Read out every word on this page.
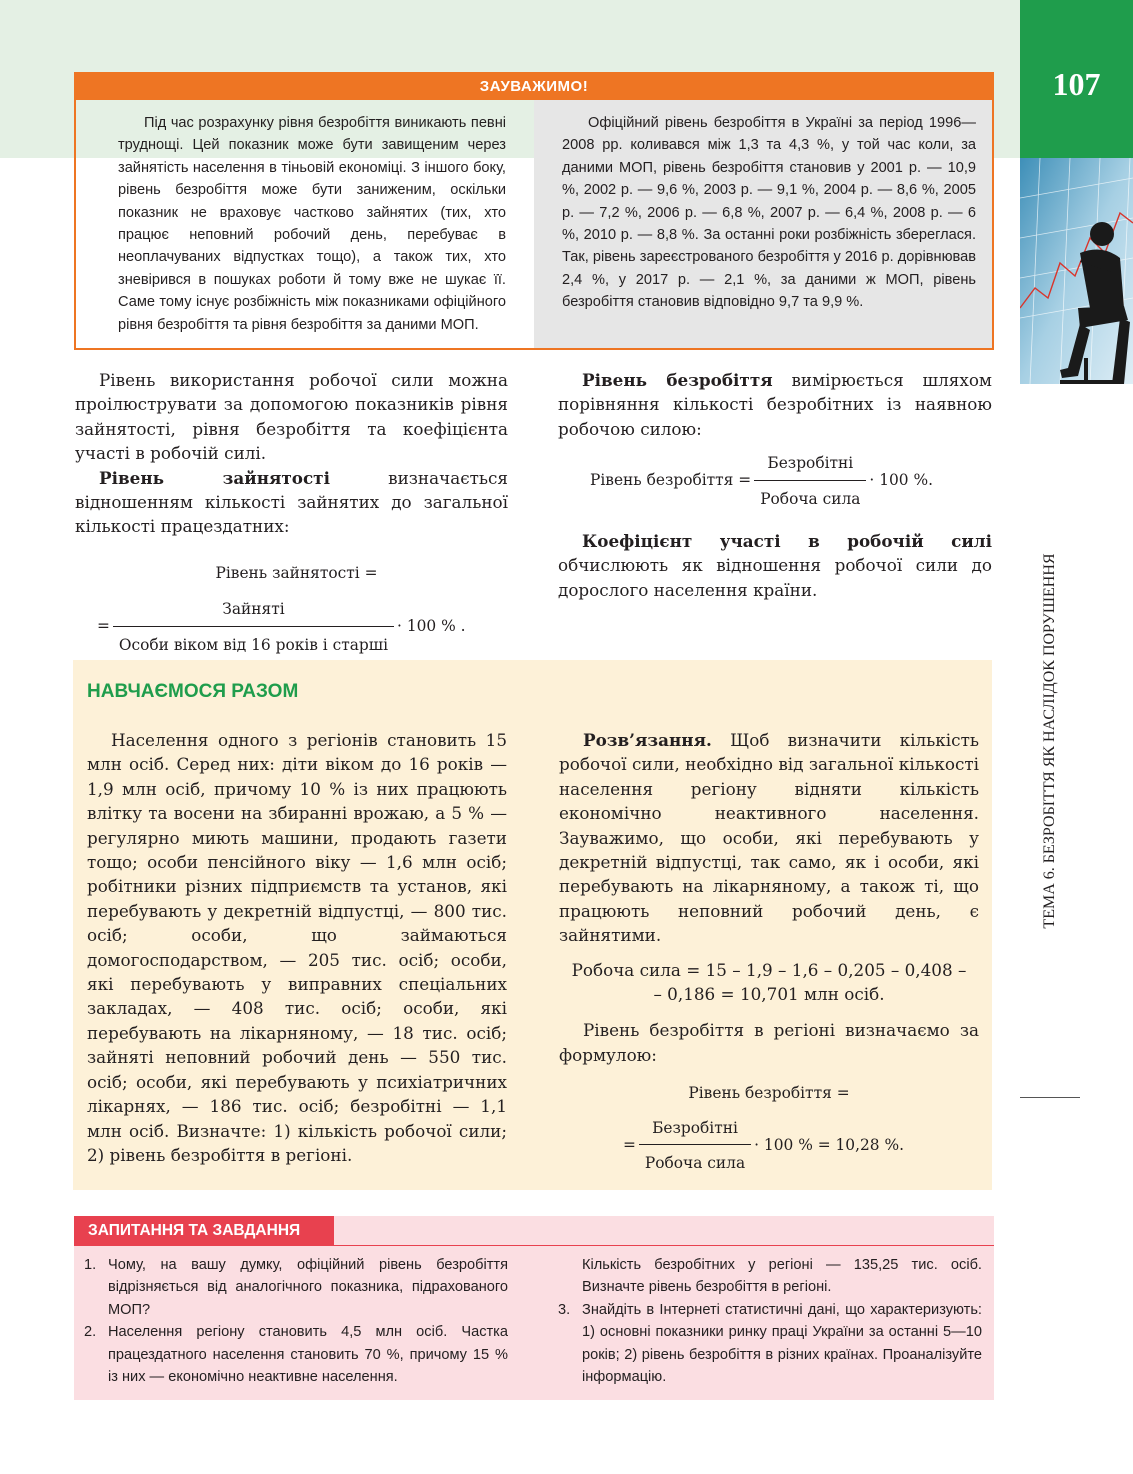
107
ТЕМА 6. БЕЗРОБІТТЯ ЯК НАСЛІДОК ПОРУШЕННЯ
ЗАУВАЖИМО!
Під час розрахунку рівня безробіття виникають певні труднощі. Цей показник може бути завищеним через зайнятість населення в тіньовій економіці. З іншого боку, рівень безробіття може бути заниженим, оскільки показник не враховує частково зайнятих (тих, хто працює неповний робочий день, перебуває в неоплачуваних відпустках тощо), а також тих, хто зневірився в пошуках роботи й тому вже не шукає її. Саме тому існує розбіжність між показниками офіційного рівня безробіття та рівня безробіття за даними МОП.
Офіційний рівень безробіття в Україні за період 1996—2008 рр. коливався між 1,3 та 4,3 %, у той час коли, за даними МОП, рівень безробіття становив у 2001 р. — 10,9 %, 2002 р. — 9,6 %, 2003 р. — 9,1 %, 2004 р. — 8,6 %, 2005 р. — 7,2 %, 2006 р. — 6,8 %, 2007 р. — 6,4 %, 2008 р. — 6 %, 2010 р. — 8,8 %. За останні роки розбіжність збереглася. Так, рівень зареєстрованого безробіття у 2016 р. дорівнював 2,4 %, у 2017 р. — 2,1 %, за даними ж МОП, рівень безробіття становив відповідно 9,7 та 9,9 %.

Рівень використання робочої сили можна проілюструвати за допомогою показників рівня зайнятості, рівня безробіття та коефіцієнта участі в робочій силі.

Рівень зайнятості визначається відношенням кількості зайнятих до загальної кількості працездатних:

Рівень зайнятості =
= $\frac{\text{Зайняті}}{\text{Особи віком від 16 років і старші}} \cdot 100$ % .

Рівень безробіття вимірюється шляхом порівняння кількості безробітних із наявною робочою силою:

Рівень безробіття = $\frac{\text{Безробітні}}{\text{Робоча сила}} \cdot 100$ %.

Коефіцієнт участі в робочій силі обчислюють як відношення робочої сили до дорослого населення країни.

НАВЧАЄМОСЯ РАЗОМ

Населення одного з регіонів становить 15 млн осіб. Серед них: діти віком до 16 років — 1,9 млн осіб, причому 10 % із них працюють влітку та восени на збиранні врожаю, а 5 % — регулярно миють машини, продають газети тощо; особи пенсійного віку — 1,6 млн осіб; робітники різних підприємств та установ, які перебувають у декретній відпустці, — 800 тис. осіб; особи, що займаються домогосподарством, — 205 тис. осіб; особи, які перебувають у виправних спеціальних закладах, — 408 тис. осіб; особи, які перебувають на лікарняному, — 18 тис. осіб; зайняті неповний робочий день — 550 тис. осіб; особи, які перебувають у психіатричних лікарнях, — 186 тис. осіб; безробітні — 1,1 млн осіб. Визначте: 1) кількість робочої сили; 2) рівень безробіття в регіоні.

Розв’язання. Щоб визначити кількість робочої сили, необхідно від загальної кількості населення регіону відняти кількість економічно неактивного населення. Зауважимо, що особи, які перебувають у декретній відпустці, так само, як і особи, які перебувають на лікарняному, а також ті, що працюють неповний робочий день, є зайнятими.

Робоча сила = 15 – 1,9 – 1,6 – 0,205 – 0,408 –
– 0,186 = 10,701 млн осіб.

Рівень безробіття в регіоні визначаємо за формулою:

Рівень безробіття =
= $\frac{\text{Безробітні}}{\text{Робоча сила}} \cdot 100$ % = 10,28 %.
ЗАПИТАННЯ ТА ЗАВДАННЯ
1. Чому, на вашу думку, офіційний рівень безробіття відрізняється від аналогічного показника, підрахованого МОП?
2. Населення регіону становить 4,5 млн осіб. Частка працездатного населення становить 70 %, причому 15 % із них — економічно неактивне населення.
Кількість безробітних у регіоні — 135,25 тис. осіб. Визначте рівень безробіття в регіоні.
3. Знайдіть в Інтернеті статистичні дані, що характеризують: 1) основні показники ринку праці України за останні 5—10 років; 2) рівень безробіття в різних країнах. Проаналізуйте інформацію.
